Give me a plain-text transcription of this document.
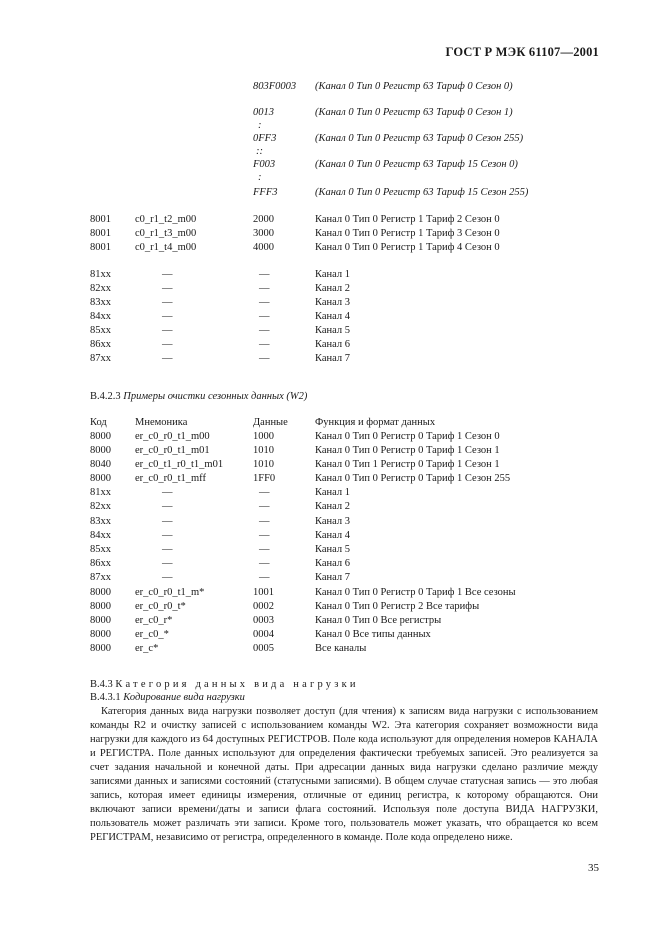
ГОСТ Р МЭК 61107—2001
803F0003 (Канал 0 Тип 0 Регистр 63 Тариф 0 Сезон 0)
0013	(Канал 0 Тип 0 Регистр 63 Тариф 0 Сезон 1)
:
0FF3	(Канал 0 Тип 0 Регистр 63 Тариф 0 Сезон 255)
::
F003	(Канал 0 Тип 0 Регистр 63 Тариф 15 Сезон 0)
:
FFF3	(Канал 0 Тип 0 Регистр 63 Тариф 15 Сезон 255)
8001 c0_r1_t2_m00	2000	Канал 0 Тип 0 Регистр 1 Тариф 2 Сезон 0
8001 c0_r1_t3_m00	3000	Канал 0 Тип 0 Регистр 1 Тариф 3 Сезон 0
8001 c0_r1_t4_m00	4000	Канал 0 Тип 0 Регистр 1 Тариф 4 Сезон 0
81xx	—	—	Канал 1
82xx	—	—	Канал 2
83xx	—	—	Канал 3
84xx	—	—	Канал 4
85xx	—	—	Канал 5
86xx	—	—	Канал 6
87xx	—	—	Канал 7
B.4.2.3 Примеры очистки сезонных данных (W2)
Код	Мнемоника	Данные	Функция и формат данных
8000 er_c0_r0_t1_m00	1000	Канал 0 Тип 0 Регистр 0 Тариф 1 Сезон 0
8000 er_c0_r0_t1_m01	1010	Канал 0 Тип 0 Регистр 0 Тариф 1 Сезон 1
8040 er_c0_t1_r0_t1_m01	1010	Канал 0 Тип 1 Регистр 0 Тариф 1 Сезон 1
8000 er_c0_r0_t1_mff	1FF0	Канал 0 Тип 0 Регистр 0 Тариф 1 Сезон 255
81xx	—	—	Канал 1
82xx	—	—	Канал 2
83xx	—	—	Канал 3
84xx	—	—	Канал 4
85xx	—	—	Канал 5
86xx	—	—	Канал 6
87xx	—	—	Канал 7
8000 er_c0_r0_t1_m*	1001	Канал 0 Тип 0 Регистр 0 Тариф 1 Все сезоны
8000 er_c0_r0_t*	0002	Канал 0 Тип 0 Регистр 2 Все тарифы
8000 er_c0_r*	0003	Канал 0 Тип 0 Все регистры
8000 er_c0_*	0004	Канал 0 Все типы данных
8000 er_c*	0005	Все каналы
B.4.3 Категория данных вида нагрузки
B.4.3.1 Кодирование вида нагрузки
Категория данных вида нагрузки позволяет доступ (для чтения) к записям вида нагрузки с использованием
команды R2 и очистку записей с использованием команды W2. Эта категория сохраняет возможности вида
нагрузки для каждого из 64 доступных РЕГИСТРОВ. Поле кода используют для определения номеров КАНАЛА
и РЕГИСТРА. Поле данных используют для определения фактически требуемых записей. Это реализуется за
счет задания начальной и конечной даты. При адресации данных вида нагрузки сделано различие между
записями данных и записями состояний (статусными записями). В общем случае статусная запись — это любая
запись, которая имеет единицы измерения, отличные от единиц регистра, к которому обращаются. Они
включают записи времени/даты и записи флага состояний. Используя поле доступа ВИДА НАГРУЗКИ,
пользователь может различать эти записи. Кроме того, пользователь может указать, что обращается ко всем
РЕГИСТРАМ, независимо от регистра, определенного в команде. Поле кода определено ниже.
35
